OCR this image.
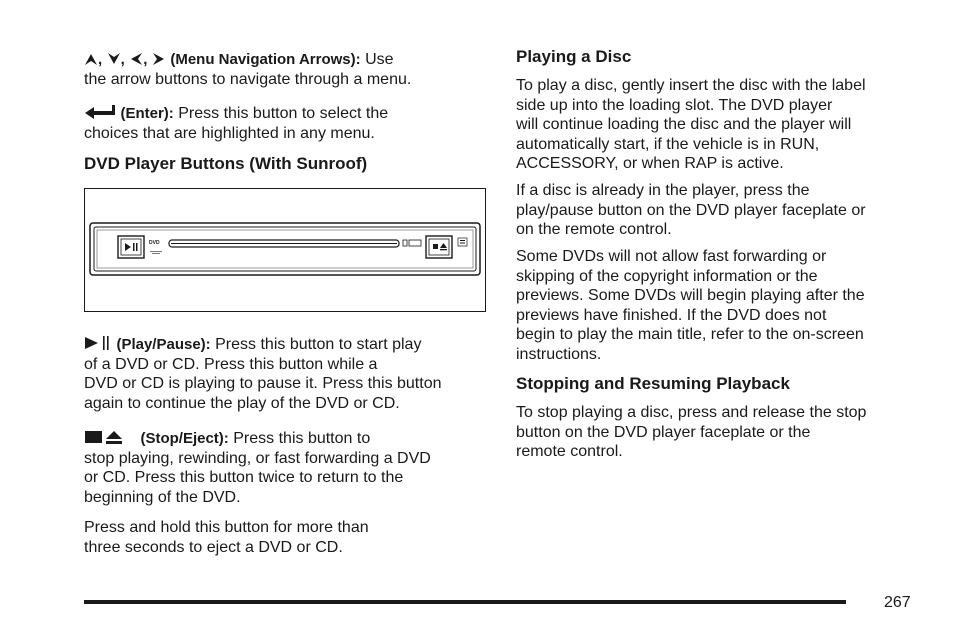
, , , (Menu Navigation Arrows): Use
the arrow buttons to navigate through a menu.
(Enter): Press this button to select the
choices that are highlighted in any menu.
DVD Player Buttons (With Sunroof)
DVD
(Play/Pause): Press this button to start play
of a DVD or CD. Press this button while a
DVD or CD is playing to pause it. Press this button
again to continue the play of the DVD or CD.
(Stop/Eject): Press this button to
stop playing, rewinding, or fast forwarding a DVD
or CD. Press this button twice to return to the
beginning of the DVD.
Press and hold this button for more than
three seconds to eject a DVD or CD.
Playing a Disc
To play a disc, gently insert the disc with the label
side up into the loading slot. The DVD player
will continue loading the disc and the player will
automatically start, if the vehicle is in RUN,
ACCESSORY, or when RAP is active.
If a disc is already in the player, press the
play/pause button on the DVD player faceplate or
on the remote control.
Some DVDs will not allow fast forwarding or
skipping of the copyright information or the
previews. Some DVDs will begin playing after the
previews have finished. If the DVD does not
begin to play the main title, refer to the on-screen
instructions.
Stopping and Resuming Playback
To stop playing a disc, press and release the stop
button on the DVD player faceplate or the
remote control.
267
